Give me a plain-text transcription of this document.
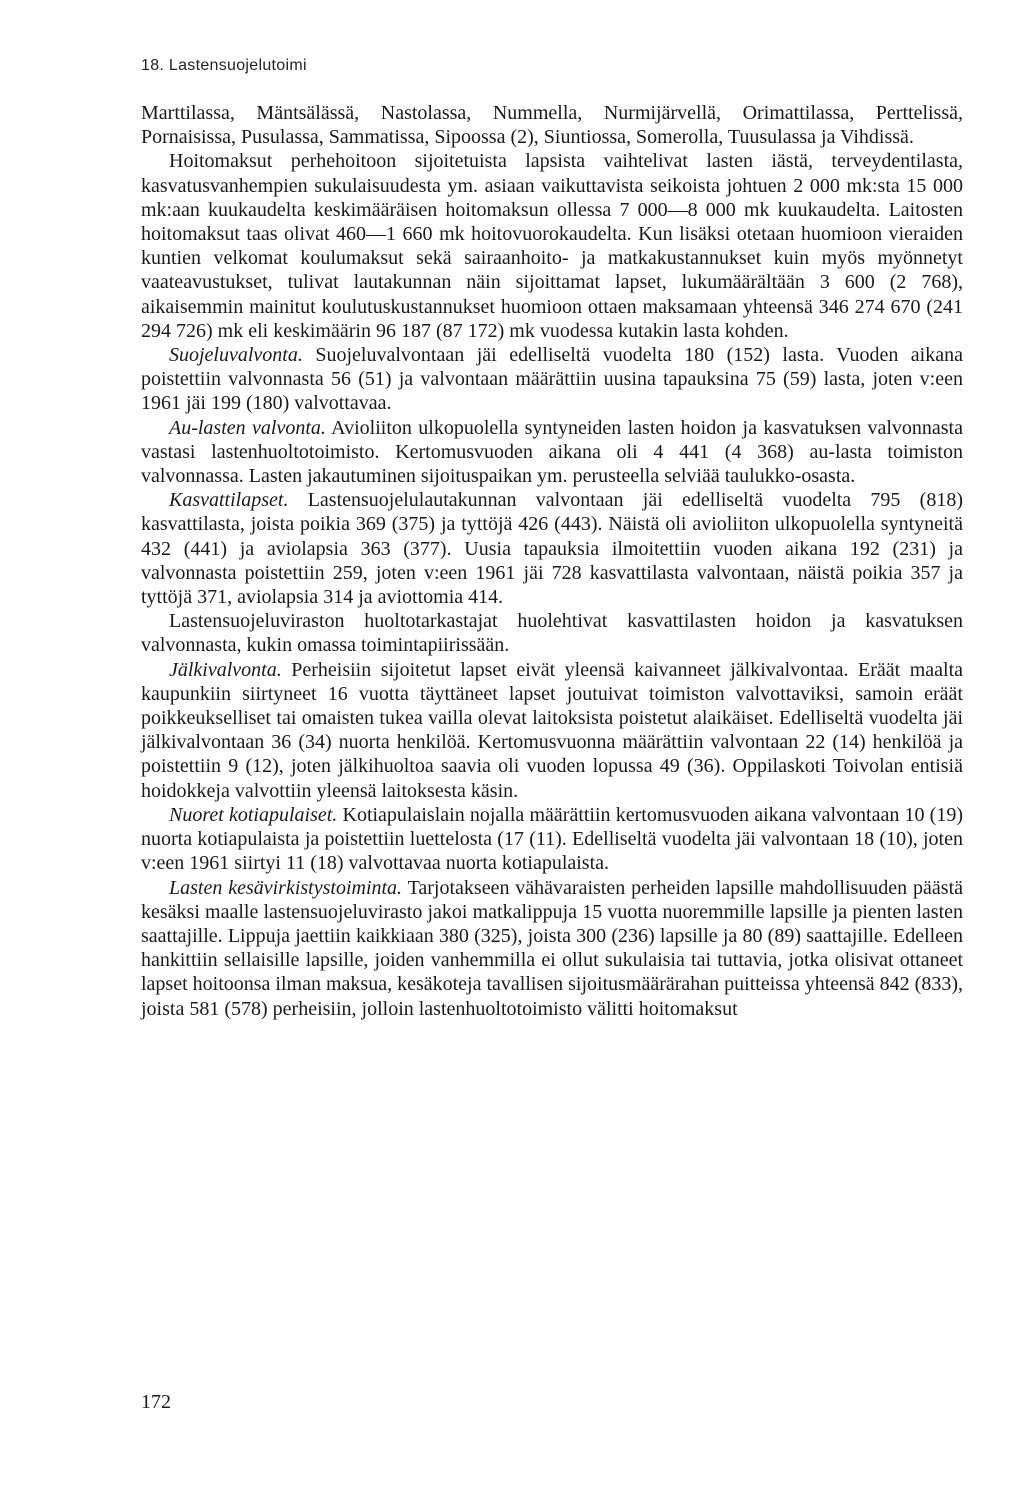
18. Lastensuojelutoimi

Marttilassa, Mäntsälässä, Nastolassa, Nummella, Nurmijärvellä, Orimattilassa, Perttelissä, Pornaisissa, Pusulassa, Sammatissa, Sipoossa (2), Siuntiossa, Somerolla, Tuusulassa ja Vihdissä.

Hoitomaksut perhehoitoon sijoitetuista lapsista vaihtelivat lasten iästä, terveydentilasta, kasvatusvanhempien sukulaisuudesta ym. asiaan vaikuttavista seikoista johtuen 2 000 mk:sta 15 000 mk:aan kuukaudelta keskimääräisen hoitomaksun ollessa 7 000—8 000 mk kuukaudelta. Laitosten hoitomaksut taas olivat 460—1 660 mk hoitovuorokaudelta. Kun lisäksi otetaan huomioon vieraiden kuntien velkomat koulumaksut sekä sairaanhoito- ja matkakustannukset kuin myös myönnetyt vaateavustukset, tulivat lautakunnan näin sijoittamat lapset, lukumäärältään 3 600 (2 768), aikaisemmin mainitut koulutuskustannukset huomioon ottaen maksamaan yhteensä 346 274 670 (241 294 726) mk eli keskimäärin 96 187 (87 172) mk vuodessa kutakin lasta kohden.

Suojeluvalvonta. Suojeluvalvontaan jäi edelliseltä vuodelta 180 (152) lasta. Vuoden aikana poistettiin valvonnasta 56 (51) ja valvontaan määrättiin uusina tapauksina 75 (59) lasta, joten v:een 1961 jäi 199 (180) valvottavaa.

Au-lasten valvonta. Avioliiton ulkopuolella syntyneiden lasten hoidon ja kasvatuksen valvonnasta vastasi lastenhuoltotoimisto. Kertomusvuoden aikana oli 4 441 (4 368) au-lasta toimiston valvonnassa. Lasten jakautuminen sijoituspaikan ym. perusteella selviää taulukko-osasta.

Kasvattilapset. Lastensuojelulautakunnan valvontaan jäi edelliseltä vuodelta 795 (818) kasvattilasta, joista poikia 369 (375) ja tyttöjä 426 (443). Näistä oli avioliiton ulkopuolella syntyneitä 432 (441) ja aviolapsia 363 (377). Uusia tapauksia ilmoitettiin vuoden aikana 192 (231) ja valvonnasta poistettiin 259, joten v:een 1961 jäi 728 kasvattilasta valvontaan, näistä poikia 357 ja tyttöjä 371, aviolapsia 314 ja aviottomia 414.

Lastensuojeluviraston huoltotarkastajat huolehtivat kasvattilasten hoidon ja kasvatuksen valvonnasta, kukin omassa toimintapiirissään.

Jälkivalvonta. Perheisiin sijoitetut lapset eivät yleensä kaivanneet jälkivalvontaa. Eräät maalta kaupunkiin siirtyneet 16 vuotta täyttäneet lapset joutuivat toimiston valvottaviksi, samoin eräät poikkeukselliset tai omaisten tukea vailla olevat laitoksista poistetut alaikäiset. Edelliseltä vuodelta jäi jälkivalvontaan 36 (34) nuorta henkilöä. Kertomusvuonna määrättiin valvontaan 22 (14) henkilöä ja poistettiin 9 (12), joten jälkihuoltoa saavia oli vuoden lopussa 49 (36). Oppilaskoti Toivolan entisiä hoidokkeja valvottiin yleensä laitoksesta käsin.

Nuoret kotiapulaiset. Kotiapulaislain nojalla määrättiin kertomusvuoden aikana valvontaan 10 (19) nuorta kotiapulaista ja poistettiin luettelosta (17 (11). Edelliseltä vuodelta jäi valvontaan 18 (10), joten v:een 1961 siirtyi 11 (18) valvottavaa nuorta kotiapulaista.

Lasten kesävirkistystoiminta. Tarjotakseen vähävaraisten perheiden lapsille mahdollisuuden päästä kesäksi maalle lastensuojeluvirasto jakoi matkalippuja 15 vuotta nuoremmille lapsille ja pienten lasten saattajille. Lippuja jaettiin kaikkiaan 380 (325), joista 300 (236) lapsille ja 80 (89) saattajille. Edelleen hankittiin sellaisille lapsille, joiden vanhemmilla ei ollut sukulaisia tai tuttavia, jotka olisivat ottaneet lapset hoitoonsa ilman maksua, kesäkoteja tavallisen sijoitusmäärärahan puitteissa yhteensä 842 (833), joista 581 (578) perheisiin, jolloin lastenhuoltotoimisto välitti hoitomaksut

172
